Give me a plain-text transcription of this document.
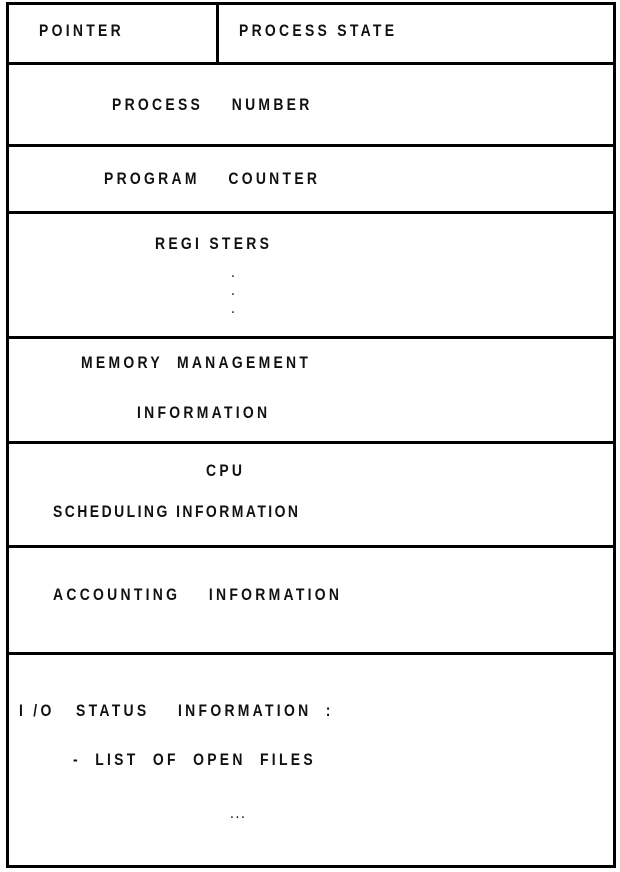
POINTER	PROCESS STATE
PROCESS    NUMBER
PROGRAM    COUNTER
REGI STERS
.
.
.
MEMORY  MANAGEMENT
INFORMATION
CPU
SCHEDULING INFORMATION
ACCOUNTING    INFORMATION
I /O   STATUS    INFORMATION  :
-  LIST  OF  OPEN  FILES
...
